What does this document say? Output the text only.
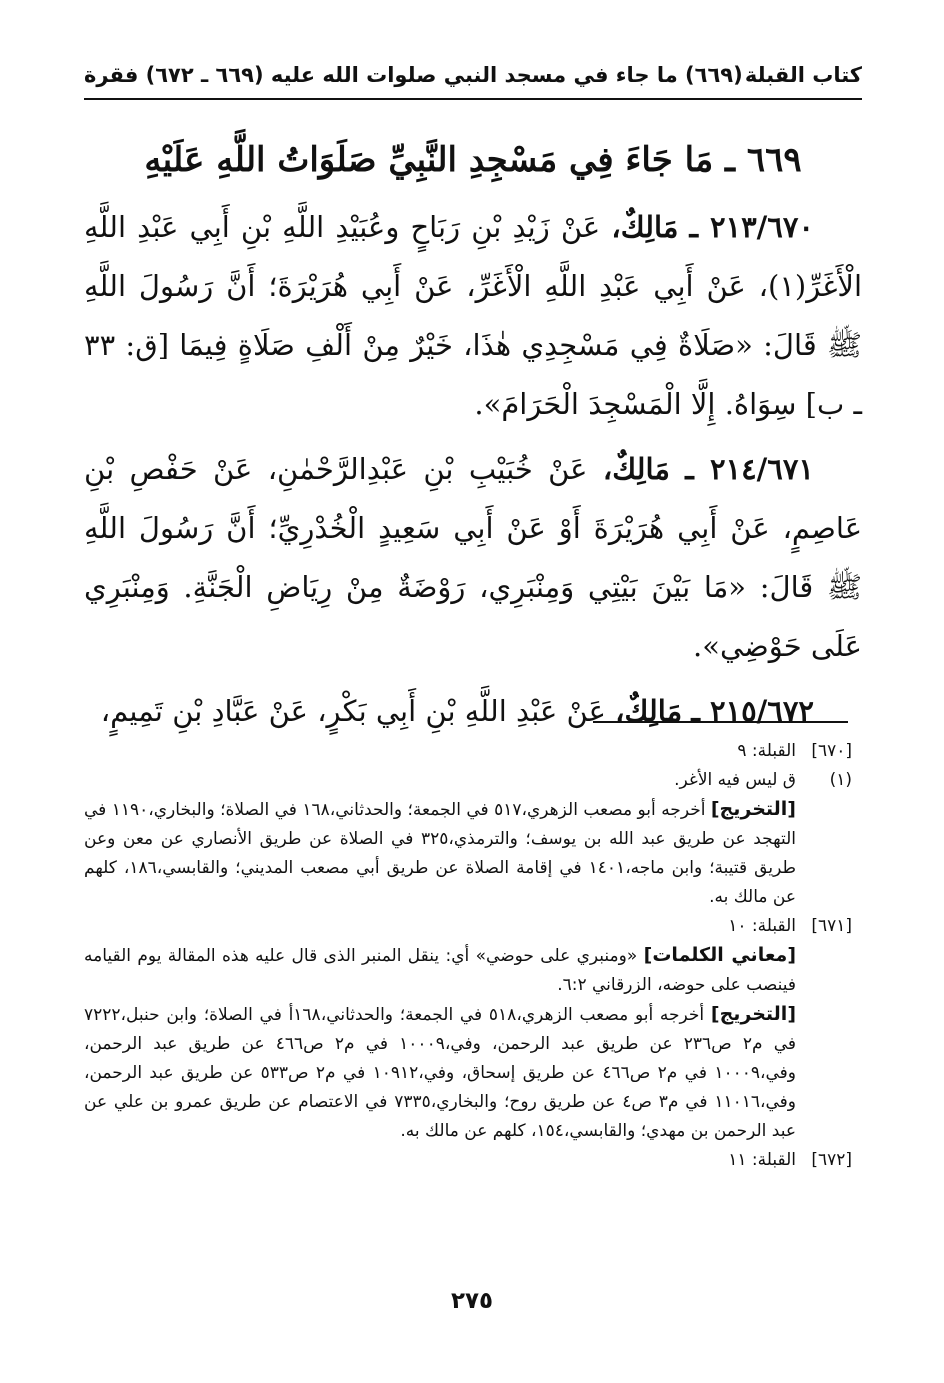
كتاب القبلة
(٦٦٩) ما جاء في مسجد النبي صلوات الله عليه (٦٦٩ ـ ٦٧٢) فقرة
٦٦٩ ـ مَا جَاءَ فِي مَسْجِدِ النَّبِيِّ صَلَوَاتُ اللَّهِ عَلَيْهِ

٢١٣/٦٧٠ ـ مَالِكٌ، عَنْ زَيْدِ بْنِ رَبَاحٍ وعُبَيْدِ اللَّهِ بْنِ أَبِي عَبْدِ اللَّهِ الْأَغَرِّ(١)، عَنْ أَبِي عَبْدِ اللَّهِ الْأَغَرِّ، عَنْ أَبِي هُرَيْرَةَ؛ أَنَّ رَسُولَ اللَّهِ ﷺ قَالَ: «صَلَاةٌ فِي مَسْجِدِي هٰذَا، خَيْرٌ مِنْ أَلْفِ صَلَاةٍ فِيمَا [ق: ٣٣ ـ ب] سِوَاهُ. إِلَّا الْمَسْجِدَ الْحَرَامَ».

٢١٤/٦٧١ ـ مَالِكٌ، عَنْ خُبَيْبِ بْنِ عَبْدِالرَّحْمٰنِ، عَنْ حَفْصِ بْنِ عَاصِمٍ، عَنْ أَبِي هُرَيْرَةَ أَوْ عَنْ أَبِي سَعِيدٍ الْخُدْرِيِّ؛ أَنَّ رَسُولَ اللَّهِ ﷺ قَالَ: «مَا بَيْنَ بَيْتِي وَمِنْبَرِي، رَوْضَةٌ مِنْ رِيَاضِ الْجَنَّةِ. وَمِنْبَرِي عَلَى حَوْضِي».

٢١٥/٦٧٢ ـ مَالِكٌ، عَنْ عَبْدِ اللَّهِ بْنِ أَبِي بَكْرٍ، عَنْ عَبَّادِ بْنِ تَمِيمٍ،

[٦٧٠]

القبلة: ٩

(١)

ق ليس فيه الأغر.

[التخريج] أخرجه أبو مصعب الزهري،٥١٧ في الجمعة؛ والحدثاني،١٦٨ في الصلاة؛ والبخاري،١١٩٠ في التهجد عن طريق عبد الله بن يوسف؛ والترمذي،٣٢٥ في الصلاة عن طريق الأنصاري عن معن وعن طريق قتيبة؛ وابن ماجه،١٤٠١ في إقامة الصلاة عن طريق أبي مصعب المديني؛ والقابسي،١٨٦، كلهم عن مالك به.

[٦٧١]

القبلة: ١٠

[معاني الكلمات] «ومنبري على حوضي» أي: ينقل المنبر الذى قال عليه هذه المقالة يوم القيامه فينصب على حوضه، الزرقاني ٦:٢.

[التخريج] أخرجه أبو مصعب الزهري،٥١٨ في الجمعة؛ والحدثاني،١٦٨أ في الصلاة؛ وابن حنبل،٧٢٢٢ في م٢ ص٢٣٦ عن طريق عبد الرحمن، وفي،١٠٠٠٩ في م٢ ص٤٦٦ عن طريق عبد الرحمن، وفي،١٠٠٠٩ في م٢ ص٤٦٦ عن طريق إسحاق، وفي،١٠٩١٢ في م٢ ص٥٣٣ عن طريق عبد الرحمن، وفي،١١٠١٦ في م٣ ص٤ عن طريق روح؛ والبخاري،٧٣٣٥ في الاعتصام عن طريق عمرو بن علي عن عبد الرحمن بن مهدي؛ والقابسي،١٥٤، كلهم عن مالك به.

[٦٧٢]

القبلة: ١١

٢٧٥
